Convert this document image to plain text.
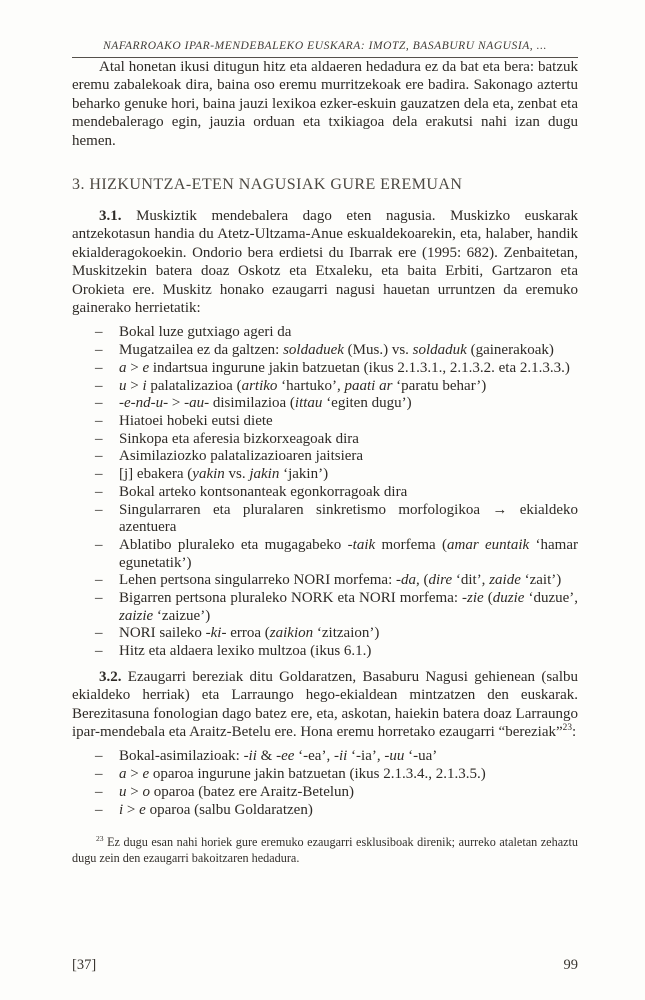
NAFARROAKO IPAR-MENDEBALEKO EUSKARA: IMOTZ, BASABURU NAGUSIA, ...

Atal honetan ikusi ditugun hitz eta aldaeren hedadura ez da bat eta bera: batzuk eremu zabalekoak dira, baina oso eremu murritzekoak ere badira. Sakonago aztertu beharko genuke hori, baina jauzi lexikoa ezker-eskuin gauzatzen dela eta, zenbat eta mendebalerago egin, jauzia orduan eta txikiagoa dela erakutsi nahi izan dugu hemen.

3. HIZKUNTZA-ETEN NAGUSIAK GURE EREMUAN

3.1. Muskiztik mendebalera dago eten nagusia. Muskizko euskarak antzekotasun handia du Atetz-Ultzama-Anue eskualdekoarekin, eta, halaber, handik ekialderagokoekin. Ondorio bera erdietsi du Ibarrak ere (1995: 682). Zenbaitetan, Muskitzekin batera doaz Oskotz eta Etxaleku, eta baita Erbiti, Gartzaron eta Orokieta ere. Muskitz honako ezaugarri nagusi hauetan urruntzen da eremuko gainerako herrietatik:

– Bokal luze gutxiago ageri da
– Mugatzailea ez da galtzen: soldaduek (Mus.) vs. soldaduk (gainerakoak)
– a > e indartsua ingurune jakin batzuetan (ikus 2.1.3.1., 2.1.3.2. eta 2.1.3.3.)
– u > i palatalizazioa (artiko ‘hartuko’, paati ar ‘paratu behar’)
– -e-nd-u- > -au- disimilazioa (ittau ‘egiten dugu’)
– Hiatoei hobeki eutsi diete
– Sinkopa eta aferesia bizkorxeagoak dira
– Asimilaziozko palatalizazioaren jaitsiera
– [j] ebakera (yakin vs. jakin ‘jakin’)
– Bokal arteko kontsonanteak egonkorragoak dira
– Singularraren eta pluralaren sinkretismo morfologikoa → ekialdeko azentuera
– Ablatibo pluraleko eta mugagabeko -taik morfema (amar euntaik ‘hamar egunetatik’)
– Lehen pertsona singularreko NORI morfema: -da, (dire ‘dit’, zaide ‘zait’)
– Bigarren pertsona pluraleko NORK eta NORI morfema: -zie (duzie ‘duzue’, zaizie ‘zaizue’)
– NORI saileko -ki- erroa (zaikion ‘zitzaion’)
– Hitz eta aldaera lexiko multzoa (ikus 6.1.)

3.2. Ezaugarri bereziak ditu Goldaratzen, Basaburu Nagusi gehienean (salbu ekialdeko herriak) eta Larraungo hego-ekialdean mintzatzen den euskarak. Berezitasuna fonologian dago batez ere, eta, askotan, haiekin batera doaz Larraungo ipar-mendebala eta Araitz-Betelu ere. Hona eremu horretako ezaugarri “bereziak”$^{23}$:

– Bokal-asimilazioak: -ii & -ee ‘-ea’, -ii ‘-ia’, -uu ‘-ua’
– a > e oparoa ingurune jakin batzuetan (ikus 2.1.3.4., 2.1.3.5.)
– u > o oparoa (batez ere Araitz-Betelun)
– i > e oparoa (salbu Goldaratzen)
$^{23}$ Ez dugu esan nahi horiek gure eremuko ezaugarri esklusiboak direnik; aurreko ataletan zehaztu dugu zein den ezaugarri bakoitzaren hedadura.
[37]	99
